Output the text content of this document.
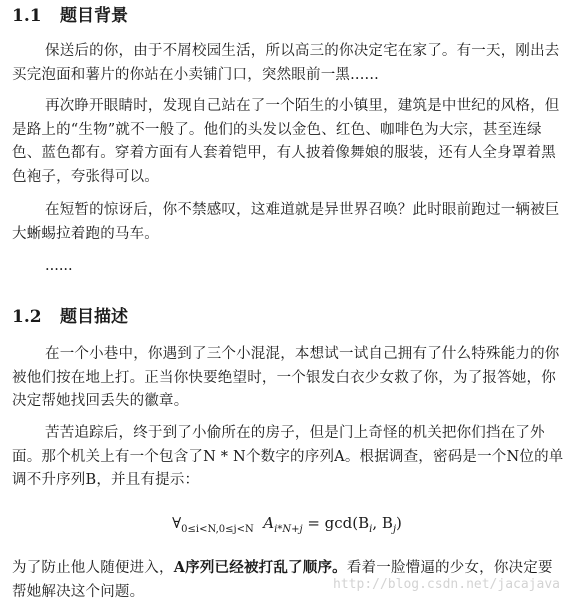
1.1 题目背景

保送后的你，由于不屑校园生活，所以高三的你决定宅在家了。有一天，刚出去买完泡面和薯片的你站在小卖铺门口，突然眼前一黑......

再次睁开眼睛时，发现自己站在了一个陌生的小镇里，建筑是中世纪的风格，但是路上的“生物”就不一般了。他们的头发以金色、红色、咖啡色为大宗，甚至连绿色、蓝色都有。穿着方面有人套着铠甲，有人披着像舞娘的服装，还有人全身罩着黑色袍子，夸张得可以。

在短暂的惊讶后，你不禁感叹，这难道就是异世界召唤？此时眼前跑过一辆被巨大蜥蜴拉着跑的马车。

......

1.2 题目描述

在一个小巷中，你遇到了三个小混混，本想试一试自己拥有了什么特殊能力的你被他们按在地上打。正当你快要绝望时，一个银发白衣少女救了你，为了报答她，你决定帮她找回丢失的徽章。

苦苦追踪后，终于到了小偷所在的房子，但是门上奇怪的机关把你们挡在了外面。那个机关上有一个包含了N * N个数字的序列A。根据调查，密码是一个N位的单调不升序列B，并且有提示：

$\forall_{0\le i<N,0\le j<N}$ $A_{i*N+j} = \gcd(B_i$, $B_j$)

为了防止他人随便进入，A序列已经被打乱了顺序。看着一脸懵逼的少女，你决定要帮她解决这个问题。	http://blog.csdn.net/jacajava
